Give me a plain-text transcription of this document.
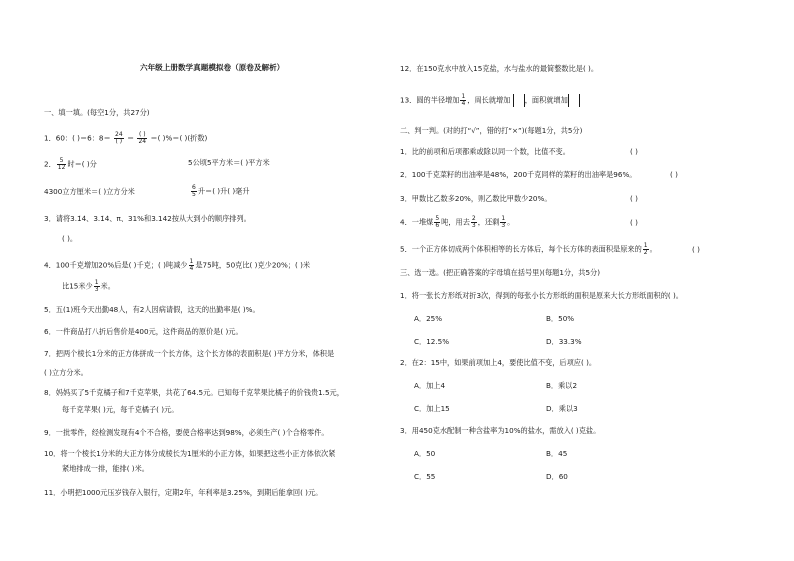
六年级上册数学真题模拟卷（原卷及解析）
一、填一填。(每空1分，共27分)
1．60：( )＝6：$8= \frac{24}{( )} = \frac{( )}{24}$ ＝( )%＝( )(折数)
2． $\frac{5}{12}$ 时＝( )分	5公顷5平方米＝( )平方米
4300立方厘米＝( )立方分米	$\frac{6}{5}$ 升＝( )升( )毫升
3．请将3.1̇4̇、3.1̇4̇、π、31%和3.142按从大到小的顺序排列。
( )。
4．100千克增加20%后是( )千克；( )吨减少 $\frac{1}{4}$ 是75吨，50克比( )克少20%；( )米
比15米少 $\frac{1}{3}$ 米。
5．五(1)班今天出勤48人，有2人因病请假，这天的出勤率是( )%。
6．一件商品打八折后售价是400元，这件商品的原价是( )元。
7．把两个棱长1分米的正方体拼成一个长方体，这个长方体的表面积是( )平方分米，体积是
( )立方分米。
8．妈妈买了5千克橘子和7千克苹果，共花了64.5元。已知每千克苹果比橘子的价钱贵1.5元，
每千克苹果( )元，每千克橘子( )元。
9．一批零件，经检测发现有4个不合格，要使合格率达到98%，必须生产( )个合格零件。
10．将一个棱长1分米的大正方体分成棱长为1厘米的小正方体，如果把这些小正方体依次紧
紧地排成一排，能排( )米。
11．小明把1000元压岁钱存入银行，定期2年，年利率是3.25%，到期后能拿回( )元。
12．在150克水中放入15克盐，水与盐水的最简整数比是( )。
13．圆的半径增加 $\frac{1}{4}$ ，周长就增加 ，面积就增加
二、判一判。(对的打“√”，错的打“×”)(每题1分，共5分)
1．比的前项和后项都乘或除以同一个数，比值不变。	( )
2．100千克菜籽的出油率是48%，200千克同样的菜籽的出油率是96%。	( )
3．甲数比乙数多20%，则乙数比甲数少20%。	( )
4．一堆煤 $\frac{5}{6}$ 吨，用去 $\frac{2}{3}$ ，还剩 $\frac{1}{3}$ 。	( )
5．一个正方体切成两个体积相等的长方体后，每个长方体的表面积是原来的 $\frac{1}{2}$ 。	( )
三、选一选。(把正确答案的字母填在括号里)(每题1分，共5分)
1．将一张长方形纸对折3次，得到的每张小长方形纸的面积是原来大长方形纸面积的( )。
A．25%	B．50%
C．12.5%	D．33.3%
2．在2：15中，如果前项加上4，要使比值不变，后项应( )。
A．加上4	B．乘以2
C．加上15	D．乘以3
3．用450克水配制一种含盐率为10%的盐水，需放入( )克盐。
A．50	B．45
C．55	D．60
